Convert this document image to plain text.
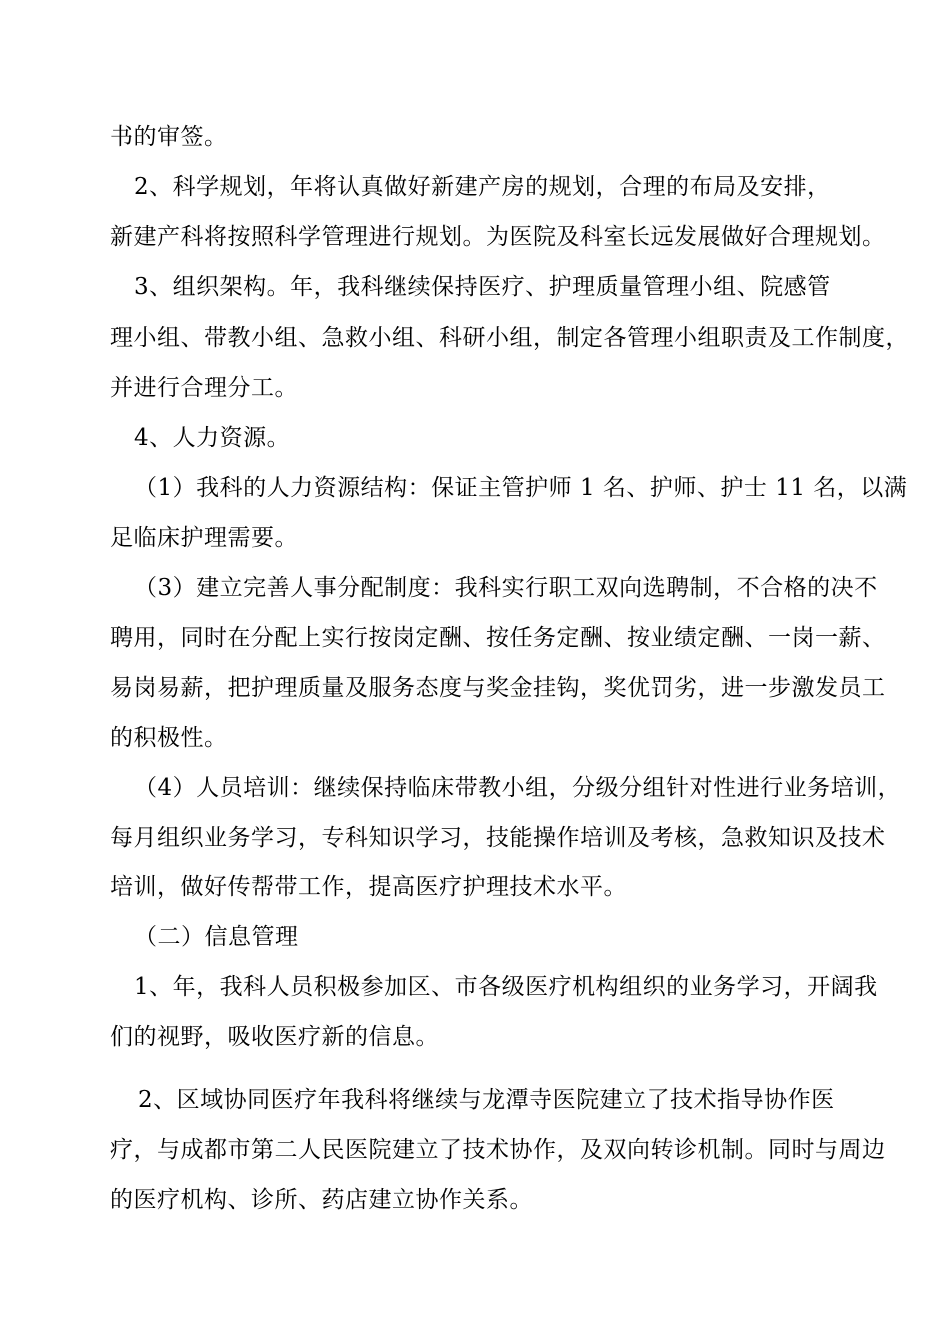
书的审签。

2、科学规划，年将认真做好新建产房的规划，合理的布局及安排，

新建产科将按照科学管理进行规划。为医院及科室长远发展做好合理规划。

3、组织架构。年，我科继续保持医疗、护理质量管理小组、院感管

理小组、带教小组、急救小组、科研小组，制定各管理小组职责及工作制度，

并进行合理分工。

4、人力资源。

（1）我科的人力资源结构：保证主管护师 1 名、护师、护士 11 名，以满

足临床护理需要。

（3）建立完善人事分配制度：我科实行职工双向选聘制，不合格的决不

聘用，同时在分配上实行按岗定酬、按任务定酬、按业绩定酬、一岗一薪、

易岗易薪，把护理质量及服务态度与奖金挂钩，奖优罚劣，进一步激发员工

的积极性。

（4）人员培训：继续保持临床带教小组，分级分组针对性进行业务培训，

每月组织业务学习，专科知识学习，技能操作培训及考核，急救知识及技术

培训，做好传帮带工作，提高医疗护理技术水平。

（二）信息管理

1、年，我科人员积极参加区、市各级医疗机构组织的业务学习，开阔我

们的视野，吸收医疗新的信息。

2、区域协同医疗年我科将继续与龙潭寺医院建立了技术指导协作医

疗，与成都市第二人民医院建立了技术协作，及双向转诊机制。同时与周边

的医疗机构、诊所、药店建立协作关系。
